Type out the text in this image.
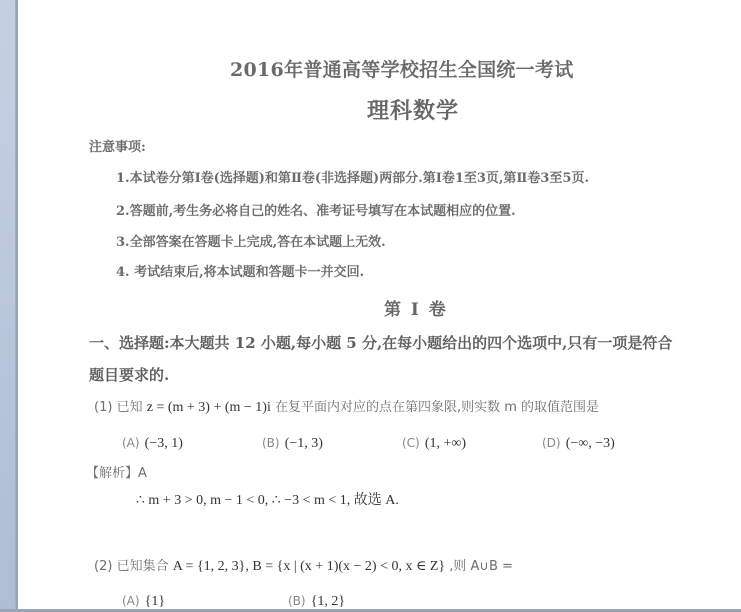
2016年普通高等学校招生全国统一考试
理科数学
注意事项:
1.本试卷分第Ⅰ卷(选择题)和第Ⅱ卷(非选择题)两部分.第Ⅰ卷1至3页,第Ⅱ卷3至5页.
2.答题前,考生务必将自己的姓名、准考证号填写在本试题相应的位置.
3.全部答案在答题卡上完成,答在本试题上无效.
4. 考试结束后,将本试题和答题卡一并交回.
第 Ⅰ 卷
一、选择题:本大题共 12 小题,每小题 5 分,在每小题给出的四个选项中,只有一项是符合
题目要求的.
(1) 已知 z = (m + 3) + (m − 1)i 在复平面内对应的点在第四象限,则实数 m 的取值范围是
(A) (−3, 1)	(B) (−1, 3)	(C) (1, +∞)	(D) (−∞, −3)
【解析】A
∴ m + 3 > 0, m − 1 < 0, ∴ −3 < m < 1, 故选 A.
(2) 已知集合 A = {1, 2, 3}, B = {x | (x + 1)(x − 2) < 0, x ∈ Z} ,则 A∪B =
(A) {1}	(B) {1, 2}
